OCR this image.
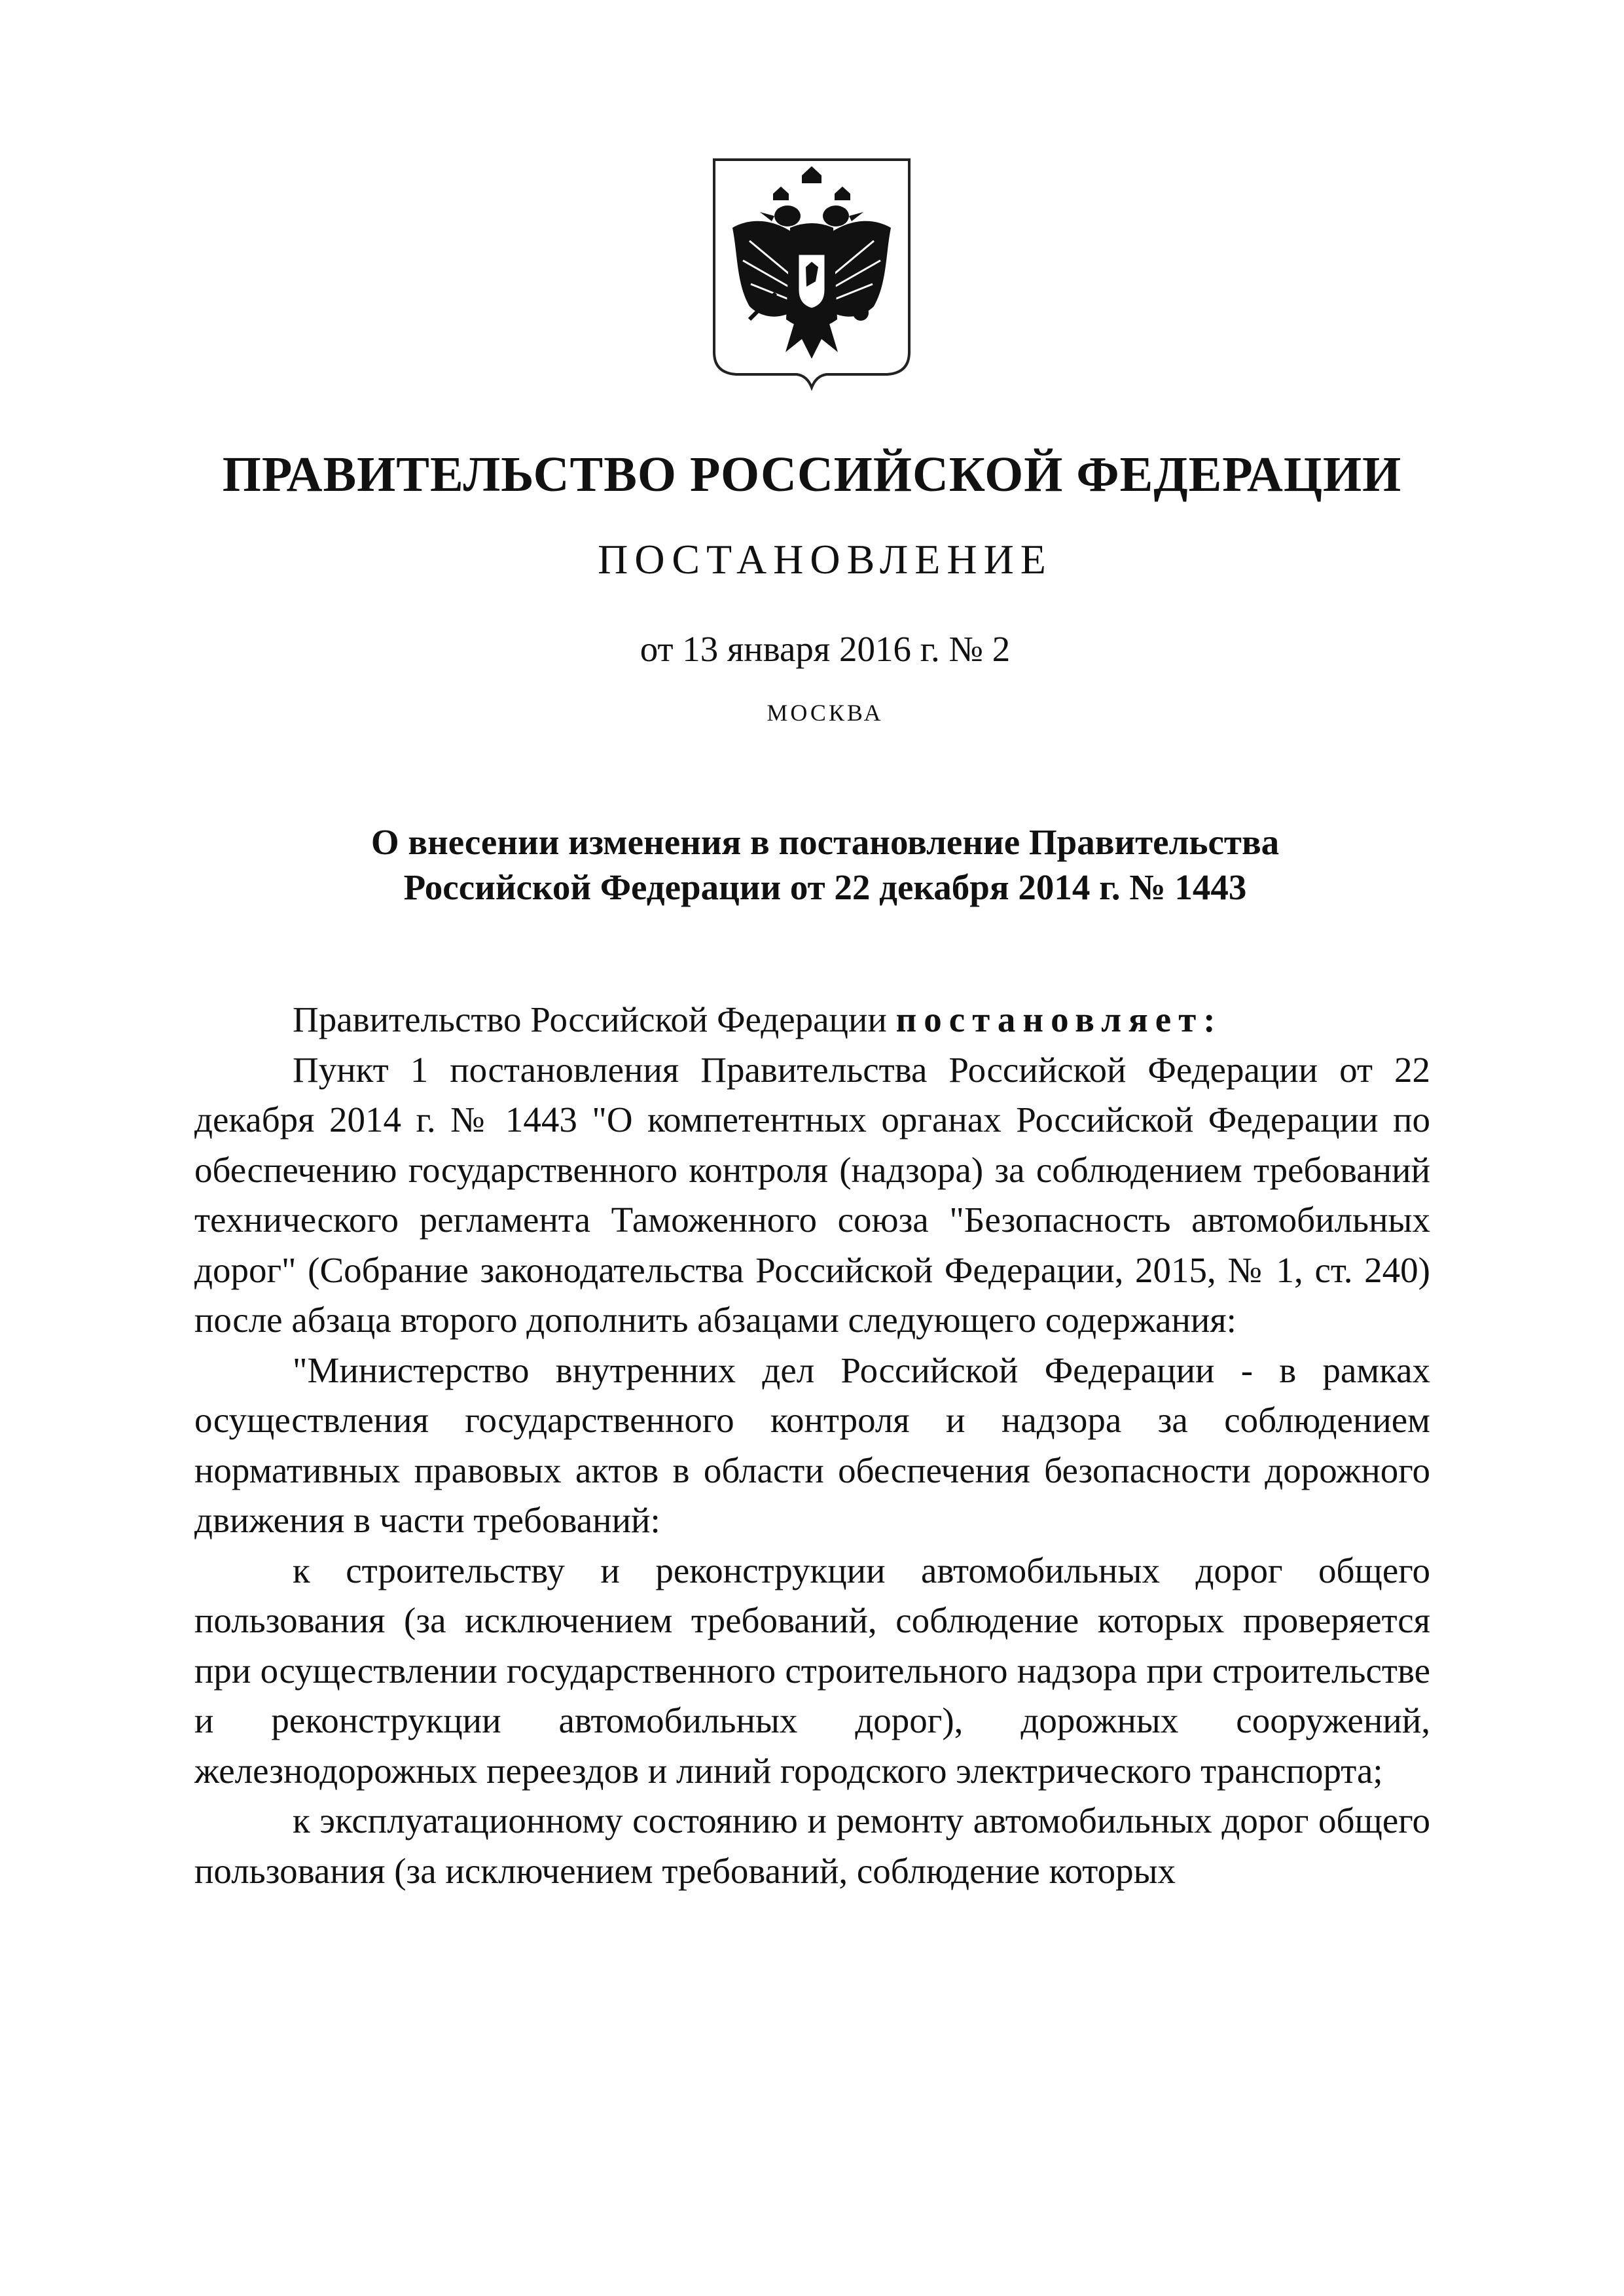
ПРАВИТЕЛЬСТВО РОССИЙСКОЙ ФЕДЕРАЦИИ
ПОСТАНОВЛЕНИЕ
от 13 января 2016 г. № 2
МОСКВА
О внесении изменения в постановление Правительства
Российской Федерации от 22 декабря 2014 г. № 1443

Правительство Российской Федерации постановляет:

Пункт 1 постановления Правительства Российской Федерации от 22 декабря 2014 г. № 1443 "О компетентных органах Российской Федерации по обеспечению государственного контроля (надзора) за соблюдением требований технического регламента Таможенного союза "Безопасность автомобильных дорог" (Собрание законодательства Российской Федерации, 2015, № 1, ст. 240) после абзаца второго дополнить абзацами следующего содержания:

"Министерство внутренних дел Российской Федерации - в рамках осуществления государственного контроля и надзора за соблюдением нормативных правовых актов в области обеспечения безопасности дорожного движения в части требований:

к строительству и реконструкции автомобильных дорог общего пользования (за исключением требований, соблюдение которых проверяется при осуществлении государственного строительного надзора при строительстве и реконструкции автомобильных дорог), дорожных сооружений, железнодорожных переездов и линий городского электрического транспорта;

к эксплуатационному состоянию и ремонту автомобильных дорог общего пользования (за исключением требований, соблюдение которых
